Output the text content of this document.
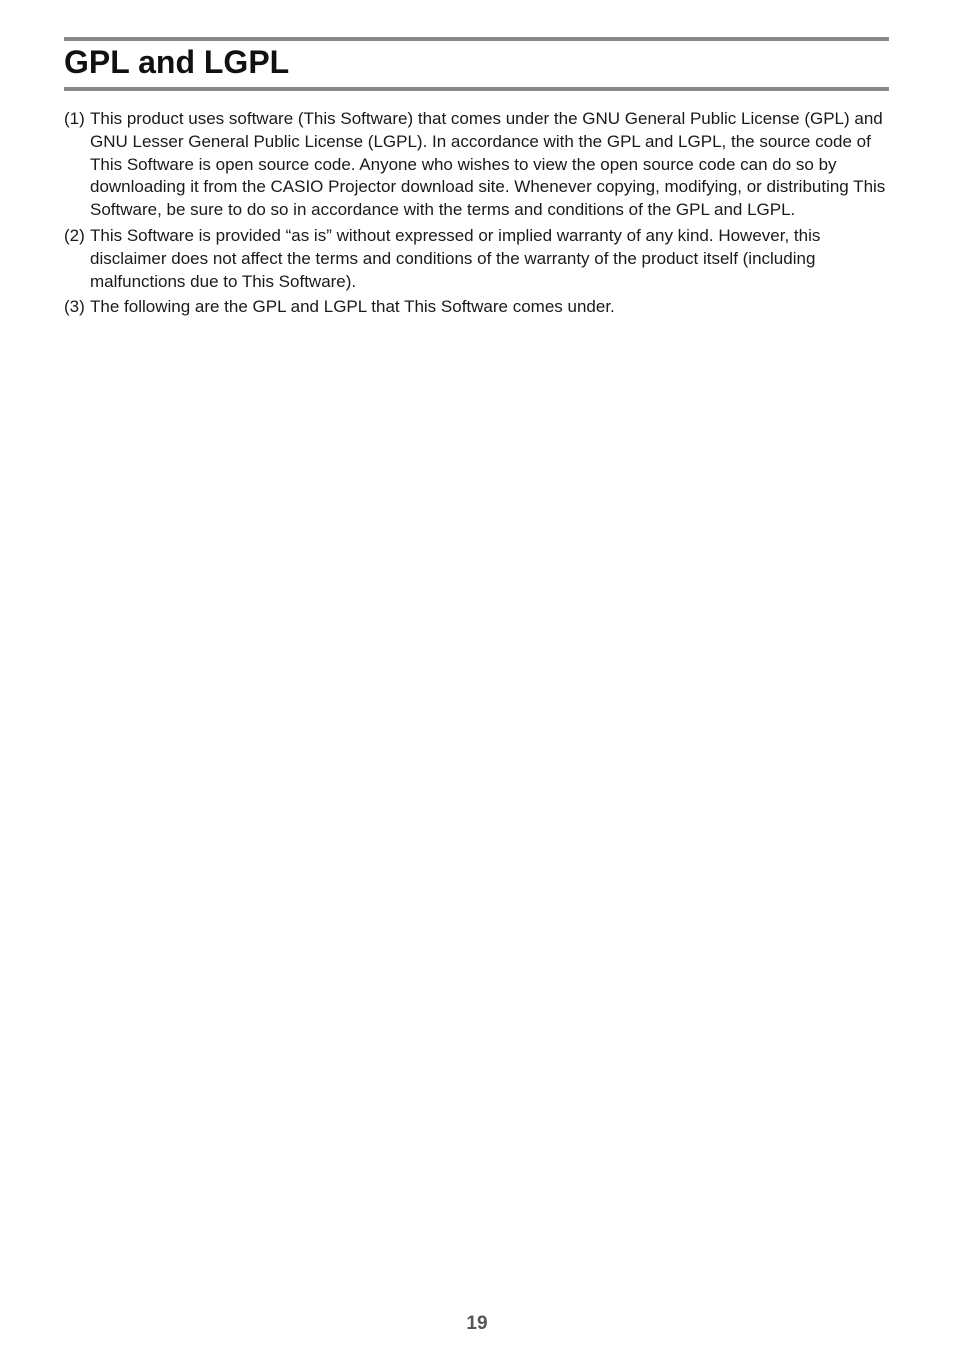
GPL and LGPL
(1) This product uses software (This Software) that comes under the GNU General Public License (GPL) and GNU Lesser General Public License (LGPL). In accordance with the GPL and LGPL, the source code of This Software is open source code. Anyone who wishes to view the open source code can do so by downloading it from the CASIO Projector download site. Whenever copying, modifying, or distributing This Software, be sure to do so in accordance with the terms and conditions of the GPL and LGPL.
(2) This Software is provided “as is” without expressed or implied warranty of any kind. However, this disclaimer does not affect the terms and conditions of the warranty of the product itself (including malfunctions due to This Software).
(3) The following are the GPL and LGPL that This Software comes under.
19
